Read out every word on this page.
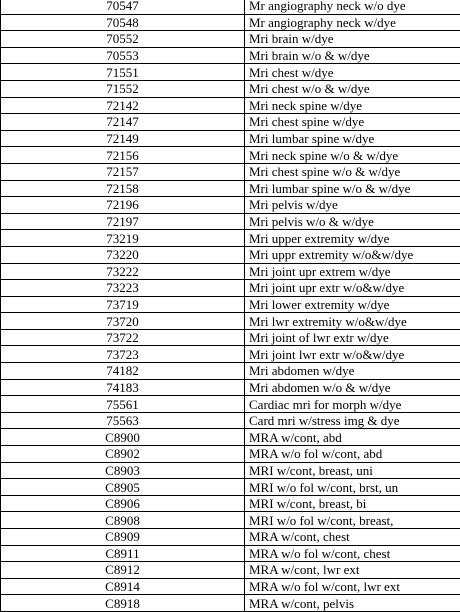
70547	Mr angiography neck w/o dye
70548	Mr angiography neck w/dye
70552	Mri brain w/dye
70553	Mri brain w/o & w/dye
71551	Mri chest w/dye
71552	Mri chest w/o & w/dye
72142	Mri neck spine w/dye
72147	Mri chest spine w/dye
72149	Mri lumbar spine w/dye
72156	Mri neck spine w/o & w/dye
72157	Mri chest spine w/o & w/dye
72158	Mri lumbar spine w/o & w/dye
72196	Mri pelvis w/dye
72197	Mri pelvis w/o & w/dye
73219	Mri upper extremity w/dye
73220	Mri uppr extremity w/o&w/dye
73222	Mri joint upr extrem w/dye
73223	Mri joint upr extr w/o&w/dye
73719	Mri lower extremity w/dye
73720	Mri lwr extremity w/o&w/dye
73722	Mri joint of lwr extr w/dye
73723	Mri joint lwr extr w/o&w/dye
74182	Mri abdomen w/dye
74183	Mri abdomen w/o & w/dye
75561	Cardiac mri for morph w/dye
75563	Card mri w/stress img & dye
C8900	MRA w/cont, abd
C8902	MRA w/o fol w/cont, abd
C8903	MRI w/cont, breast, uni
C8905	MRI w/o fol w/cont, brst, un
C8906	MRI w/cont, breast, bi
C8908	MRI w/o fol w/cont, breast,
C8909	MRA w/cont, chest
C8911	MRA w/o fol w/cont, chest
C8912	MRA w/cont, lwr ext
C8914	MRA w/o fol w/cont, lwr ext
C8918	MRA w/cont, pelvis
